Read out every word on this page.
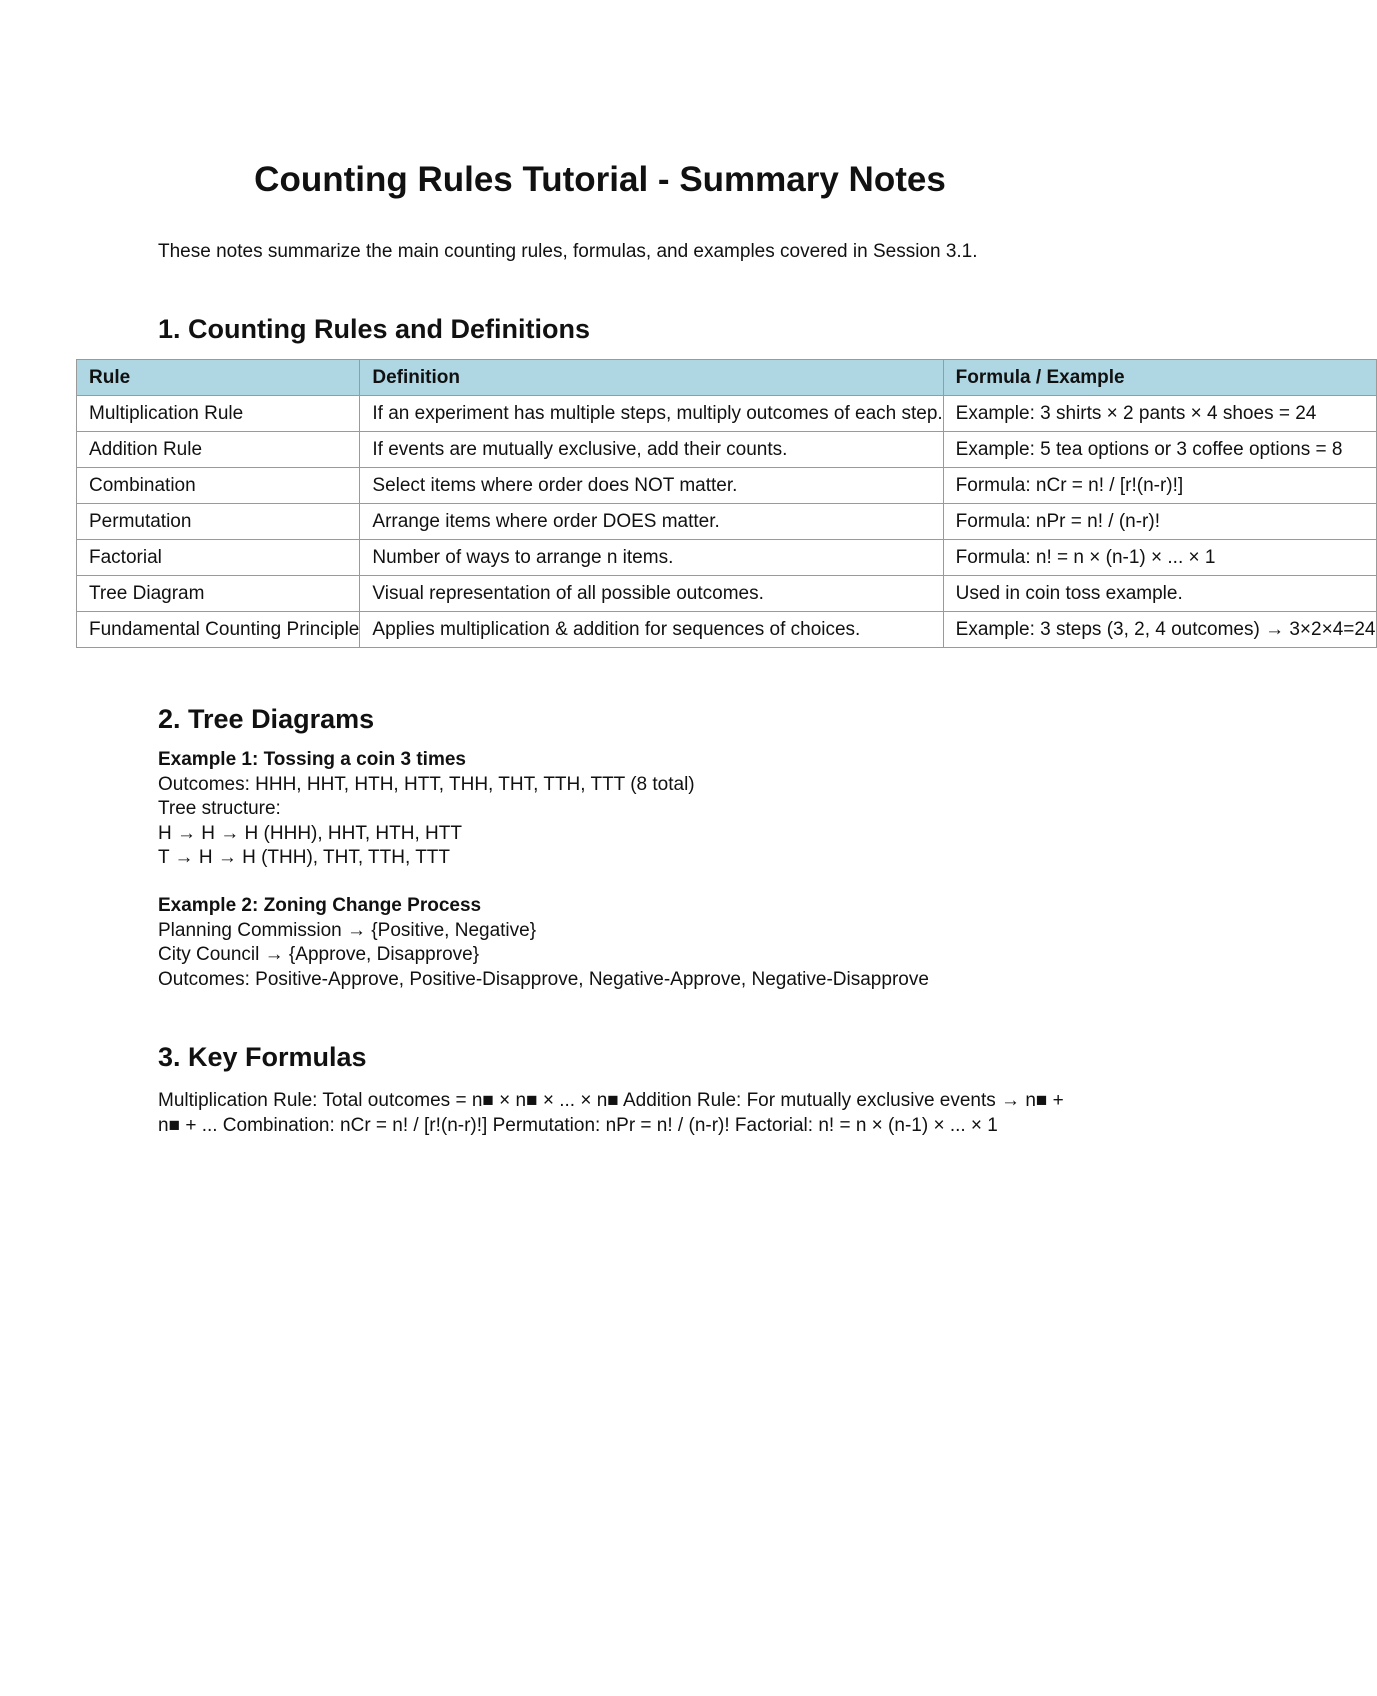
Counting Rules Tutorial - Summary Notes

These notes summarize the main counting rules, formulas, and examples covered in Session 3.1.

1. Counting Rules and Definitions
Rule	Definition	Formula / Example
Multiplication Rule	If an experiment has multiple steps, multiply outcomes of each step.	Example: 3 shirts × 2 pants × 4 shoes = 24
Addition Rule	If events are mutually exclusive, add their counts.	Example: 5 tea options or 3 coffee options = 8
Combination	Select items where order does NOT matter.	Formula: nCr = n! / [r!(n-r)!]
Permutation	Arrange items where order DOES matter.	Formula: nPr = n! / (n-r)!
Factorial	Number of ways to arrange n items.	Formula: n! = n × (n-1) × ... × 1
Tree Diagram	Visual representation of all possible outcomes.	Used in coin toss example.
Fundamental Counting Principle	Applies multiplication & addition for sequences of choices.	Example: 3 steps (3, 2, 4 outcomes) → 3×2×4=24
2. Tree Diagrams
Example 1: Tossing a coin 3 times
Outcomes: HHH, HHT, HTH, HTT, THH, THT, TTH, TTT (8 total)
Tree structure:
H → H → H (HHH), HHT, HTH, HTT
T → H → H (THH), THT, TTH, TTT
Example 2: Zoning Change Process
Planning Commission → {Positive, Negative}
City Council → {Approve, Disapprove}
Outcomes: Positive-Approve, Positive-Disapprove, Negative-Approve, Negative-Disapprove
3. Key Formulas

Multiplication Rule: Total outcomes = n■ × n■ × ... × n■ Addition Rule: For mutually exclusive events → n■ + n■ + ... Combination: nCr = n! / [r!(n-r)!] Permutation: nPr = n! / (n-r)! Factorial: n! = n × (n-1) × ... × 1
